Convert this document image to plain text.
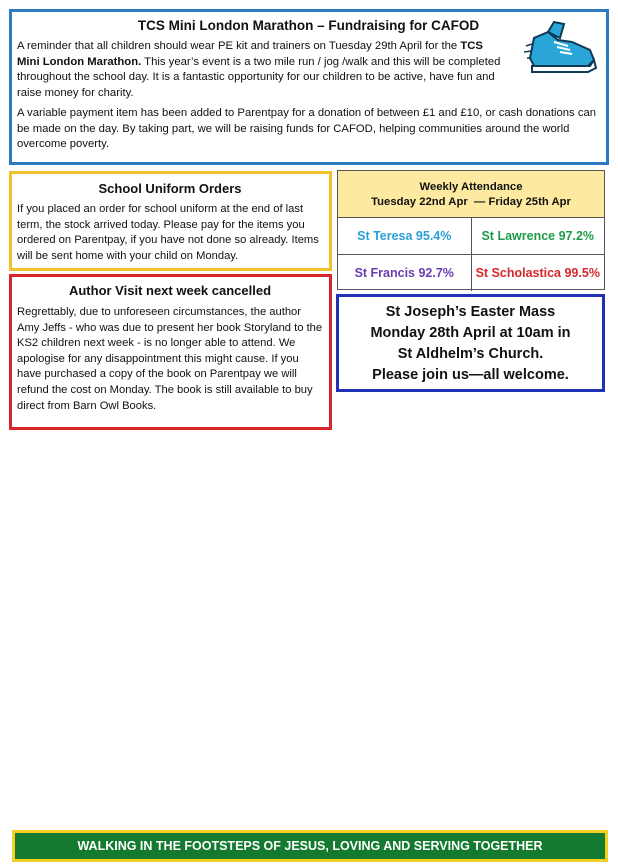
TCS Mini London Marathon – Fundraising for CAFOD

A reminder that all children should wear PE kit and trainers on Tuesday 29th April for the TCS Mini London Marathon. This year’s event is a two mile run / jog /walk and this will be completed throughout the school day. It is a fantastic opportunity for our children to be active, have fun and raise money for charity.

A variable payment item has been added to Parentpay for a donation of between £1 and £10, or cash donations can be made on the day. By taking part, we will be raising funds for CAFOD, helping communities around the world overcome poverty.

School Uniform Orders

If you placed an order for school uniform at the end of last term, the stock arrived today. Please pay for the items you ordered on Parentpay, if you have not done so already. Items will be sent home with your child on Monday.

Author Visit next week cancelled

Regrettably, due to unforeseen circumstances, the author Amy Jeffs - who was due to present her book Storyland to the KS2 children next week - is no longer able to attend. We apologise for any disappointment this might cause. If you have purchased a copy of the book on Parentpay we will refund the cost on Monday. The book is still available to buy direct from Barn Owl Books.

Weekly Attendance
Tuesday 22nd Apr  — Friday 25th Apr
St Teresa 95.4%	St Lawrence 97.2%
St Francis 92.7%	St Scholastica 99.5%
St Joseph’s Easter Mass
Monday 28th April at 10am in
St Aldhelm’s Church.
Please join us—all welcome.
WALKING IN THE FOOTSTEPS OF JESUS, LOVING AND SERVING TOGETHER
